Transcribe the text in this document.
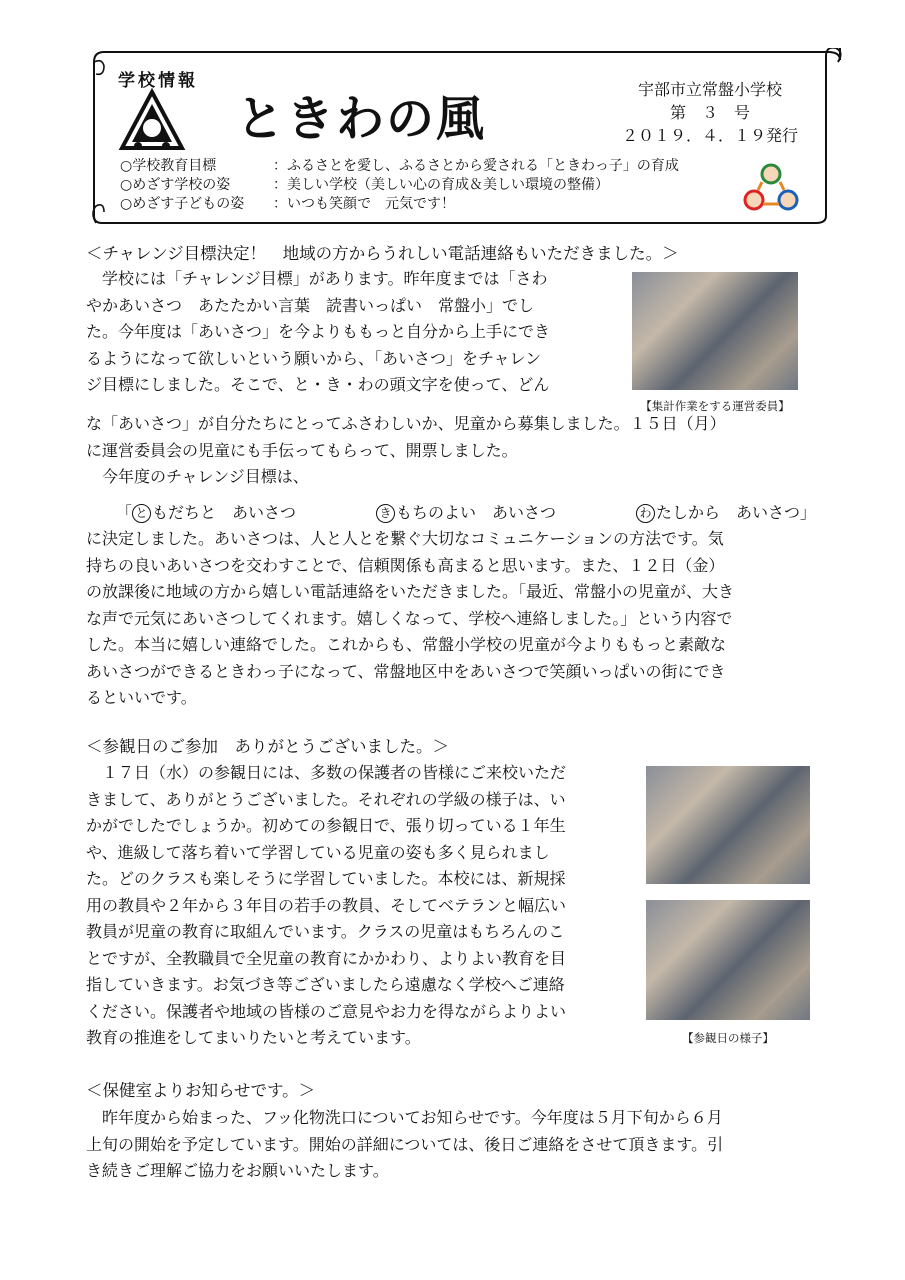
学校情報
ときわの風
宇部市立常盤小学校
第　３　号
２０１９．４．１９発行
○学校教育目標	：ふるさとを愛し、ふるさとから愛される「ときわっ子」の育成
○めざす学校の姿	：美しい学校（美しい心の育成＆美しい環境の整備）
○めざす子どもの姿	：いつも笑顔で　元気です！
＜チャレンジ目標決定！　地域の方からうれしい電話連絡もいただきました。＞
　学校には「チャレンジ目標」があります。昨年度までは「さわ
やかあいさつ　あたたかい言葉　読書いっぱい　常盤小」でし
た。今年度は「あいさつ」を今よりももっと自分から上手にでき
るようになって欲しいという願いから、「あいさつ」をチャレン
ジ目標にしました。そこで、と・き・わの頭文字を使って、どん
【集計作業をする運営委員】
な「あいさつ」が自分たちにとってふさわしいか、児童から募集しました。１５日（月）
に運営委員会の児童にも手伝ってもらって、開票しました。
　今年度のチャレンジ目標は、
「 と もだちと　あいさつ	き もちのよい　あいさつ	わ たしから　あいさつ」
に決定しました。あいさつは、人と人とを繋ぐ大切なコミュニケーションの方法です。気
持ちの良いあいさつを交わすことで、信頼関係も高まると思います。また、１２日（金）
の放課後に地域の方から嬉しい電話連絡をいただきました。「最近、常盤小の児童が、大き
な声で元気にあいさつしてくれます。嬉しくなって、学校へ連絡しました。」という内容で
した。本当に嬉しい連絡でした。これからも、常盤小学校の児童が今よりももっと素敵な
あいさつができるときわっ子になって、常盤地区中をあいさつで笑顔いっぱいの街にでき
るといいです。
＜参観日のご参加　ありがとうございました。＞
　１７日（水）の参観日には、多数の保護者の皆様にご来校いただ
きまして、ありがとうございました。それぞれの学級の様子は、い
かがでしたでしょうか。初めての参観日で、張り切っている１年生
や、進級して落ち着いて学習している児童の姿も多く見られまし
た。どのクラスも楽しそうに学習していました。本校には、新規採
用の教員や２年から３年目の若手の教員、そしてベテランと幅広い
教員が児童の教育に取組んでいます。クラスの児童はもちろんのこ
とですが、全教職員で全児童の教育にかかわり、よりよい教育を目
指していきます。お気づき等ございましたら遠慮なく学校へご連絡
ください。保護者や地域の皆様のご意見やお力を得ながらよりよい
教育の推進をしてまいりたいと考えています。	【参観日の様子】
＜保健室よりお知らせです。＞
　昨年度から始まった、フッ化物洗口についてお知らせです。今年度は５月下旬から６月
上旬の開始を予定しています。開始の詳細については、後日ご連絡をさせて頂きます。引
き続きご理解ご協力をお願いいたします。
